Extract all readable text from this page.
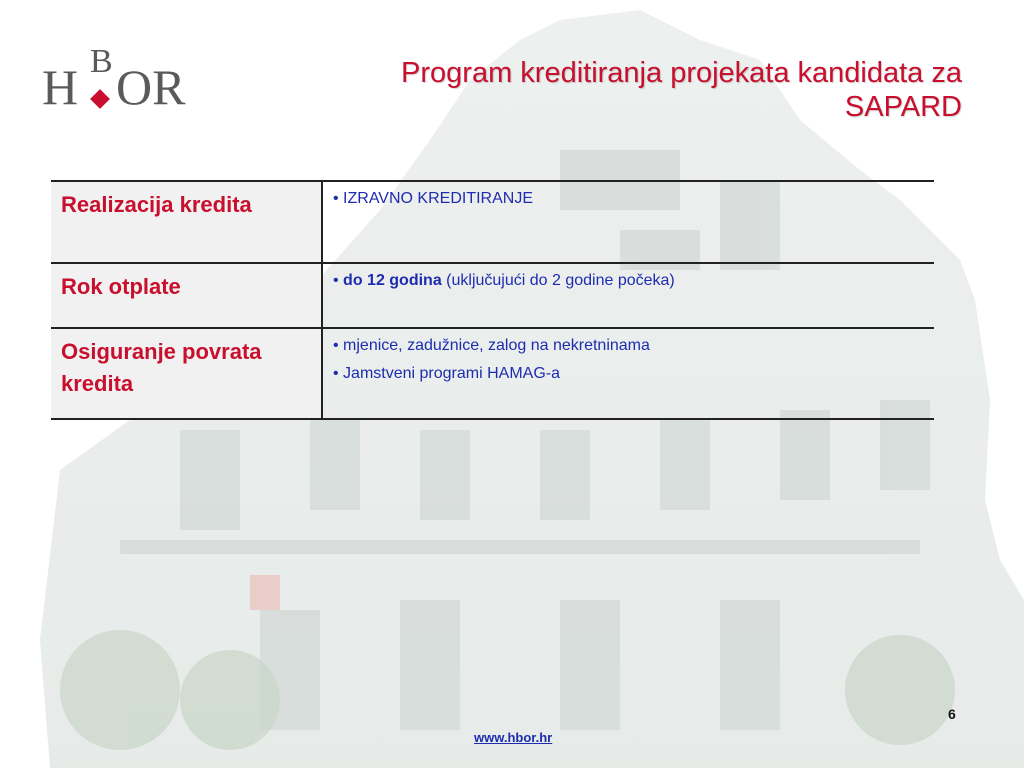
H B OR	Program kreditiranja projekata kandidata za
SAPARD
Realizacija kredita	• IZRAVNO KREDITIRANJE

Rok otplate	• do 12 godina (uključujući do 2 godine počeka)

Osiguranje povrata kredita	• mjenice, zadužnice, zalog na nekretninama
• Jamstveni programi HAMAG-a
6
www.hbor.hr
